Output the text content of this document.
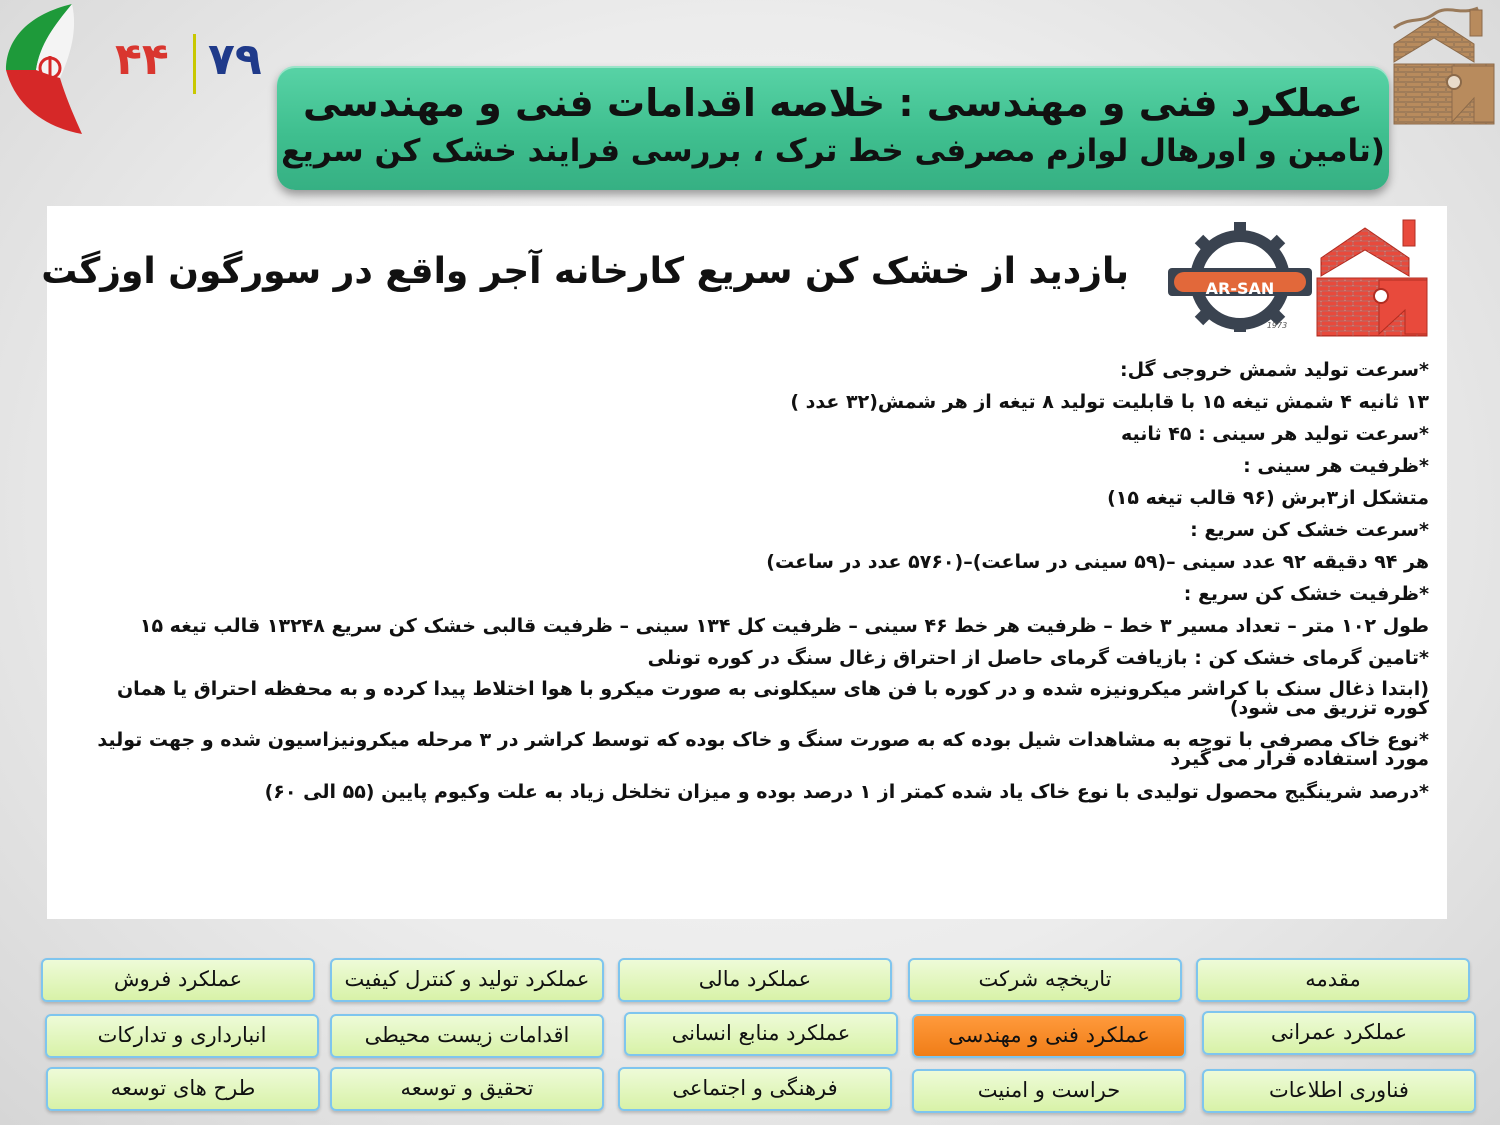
۴۴ ۷۹
عملکرد فنی و مهندسی : خلاصه اقدامات فنی و مهندسی
(تامین و اورهال لوازم مصرفی خط ترک ، بررسی فرایند خشک کن سریع
بازدید از خشک کن سریع کارخانه آجر واقع در سورگون اوزگت	AR-SAN
1973
*سرعت تولید شمش خروجی گل:
۱۳ ثانیه ۴ شمش تیغه ۱۵ با قابلیت تولید ۸ تیغه از هر شمش(۳۲ عدد )
*سرعت تولید هر سینی : ۴۵ ثانیه
*ظرفیت هر سینی :
متشکل از۳برش (۹۶ قالب تیغه ۱۵)
*سرعت خشک کن سریع :
هر ۹۴ دقیقه ۹۲ عدد سینی –(۵۹ سینی در ساعت)–(۵۷۶۰ عدد در ساعت)
*ظرفیت خشک کن سریع :
طول ۱۰۲ متر – تعداد مسیر ۳ خط – ظرفیت هر خط ۴۶ سینی – ظرفیت کل ۱۳۴ سینی – ظرفیت قالبی خشک کن سریع ۱۳۲۴۸ قالب تیغه ۱۵
*تامین گرمای خشک کن : بازیافت گرمای حاصل از احتراق زغال سنگ در کوره تونلی
(ابتدا ذغال سنک با کراشر میکرونیزه شده و در کوره با فن های سیکلونی به صورت میکرو با هوا اختلاط پیدا کرده و به محفظه احتراق یا همان کوره تزریق می شود)
*نوع خاک مصرفی با توجه به مشاهدات شیل بوده که به صورت سنگ و خاک بوده که توسط کراشر در ۳ مرحله میکرونیزاسیون شده و جهت تولید مورد استفاده قرار می گیرد
*درصد شرینگیج محصول تولیدی با نوع خاک یاد شده کمتر از ۱ درصد بوده و میزان تخلخل زیاد به علت وکیوم پایین (۵۵ الی ۶۰)
مقدمه
تاریخچه شرکت
عملکرد مالی
عملکرد تولید و کنترل کیفیت
عملکرد فروش
عملکرد عمرانی
عملکرد فنی و مهندسی
عملکرد منابع انسانی
اقدامات زیست محیطی
انبارداری و تدارکات
فناوری اطلاعات
حراست و امنیت
فرهنگی و اجتماعی
تحقیق و توسعه
طرح های توسعه
